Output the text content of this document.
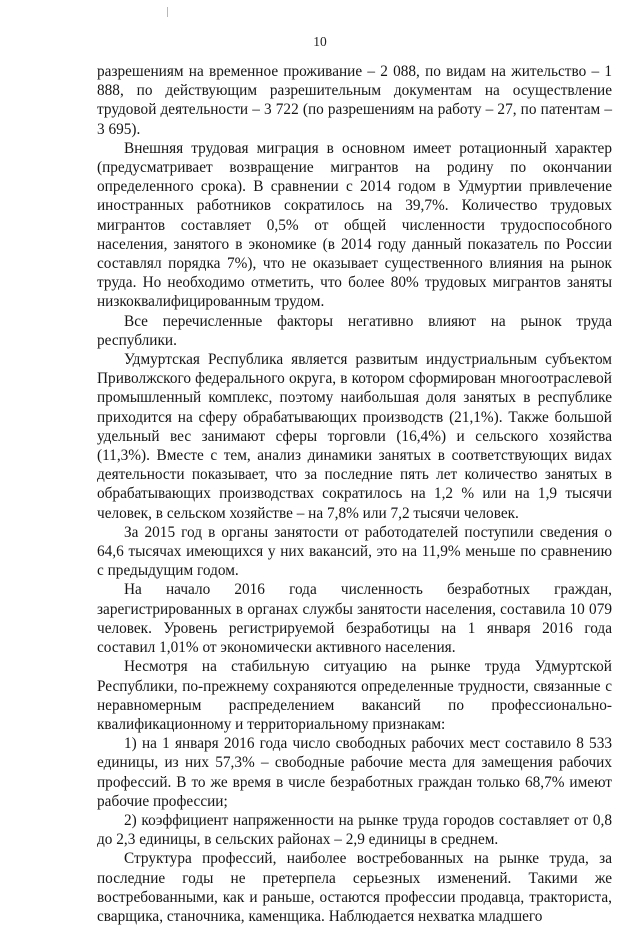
10

разрешениям на временное проживание – 2 088, по видам на жительство – 1 888, по действующим разрешительным документам на осуществление трудовой деятельности – 3 722 (по разрешениям на работу – 27, по патентам – 3 695).

Внешняя трудовая миграция в основном имеет ротационный характер (предусматривает возвращение мигрантов на родину по окончании определенного срока). В сравнении с 2014 годом в Удмуртии привлечение иностранных работников сократилось на 39,7%. Количество трудовых мигрантов составляет 0,5% от общей численности трудоспособного населения, занятого в экономике (в 2014 году данный показатель по России составлял порядка 7%), что не оказывает существенного влияния на рынок труда. Но необходимо отметить, что более 80% трудовых мигрантов заняты низкоквалифицированным трудом.

Все перечисленные факторы негативно влияют на рынок труда республики.

Удмуртская Республика является развитым индустриальным субъектом Приволжского федерального округа, в котором сформирован многоотраслевой промышленный комплекс, поэтому наибольшая доля занятых в республике приходится на сферу обрабатывающих производств (21,1%). Также большой удельный вес занимают сферы торговли (16,4%) и сельского хозяйства (11,3%). Вместе с тем, анализ динамики занятых в соответствующих видах деятельности показывает, что за последние пять лет количество занятых в обрабатывающих производствах сократилось на 1,2 % или на 1,9 тысячи человек, в сельском хозяйстве – на 7,8% или 7,2 тысячи человек.

За 2015 год в органы занятости от работодателей поступили сведения о 64,6 тысячах имеющихся у них вакансий, это на 11,9% меньше по сравнению с предыдущим годом.

На начало 2016 года численность безработных граждан, зарегистрированных в органах службы занятости населения, составила 10 079 человек. Уровень регистрируемой безработицы на 1 января 2016 года составил 1,01% от экономически активного населения.

Несмотря на стабильную ситуацию на рынке труда Удмуртской Республики, по-прежнему сохраняются определенные трудности, связанные с неравномерным распределением вакансий по профессионально-квалификационному и территориальному признакам:

1) на 1 января 2016 года число свободных рабочих мест составило 8 533 единицы, из них 57,3% – свободные рабочие места для замещения рабочих профессий. В то же время в числе безработных граждан только 68,7% имеют рабочие профессии;

2) коэффициент напряженности на рынке труда городов составляет от 0,8 до 2,3 единицы, в сельских районах – 2,9 единицы в среднем.

Структура профессий, наиболее востребованных на рынке труда, за последние годы не претерпела серьезных изменений. Такими же востребованными, как и раньше, остаются профессии продавца, тракториста, сварщика, станочника, каменщика. Наблюдается нехватка младшего
